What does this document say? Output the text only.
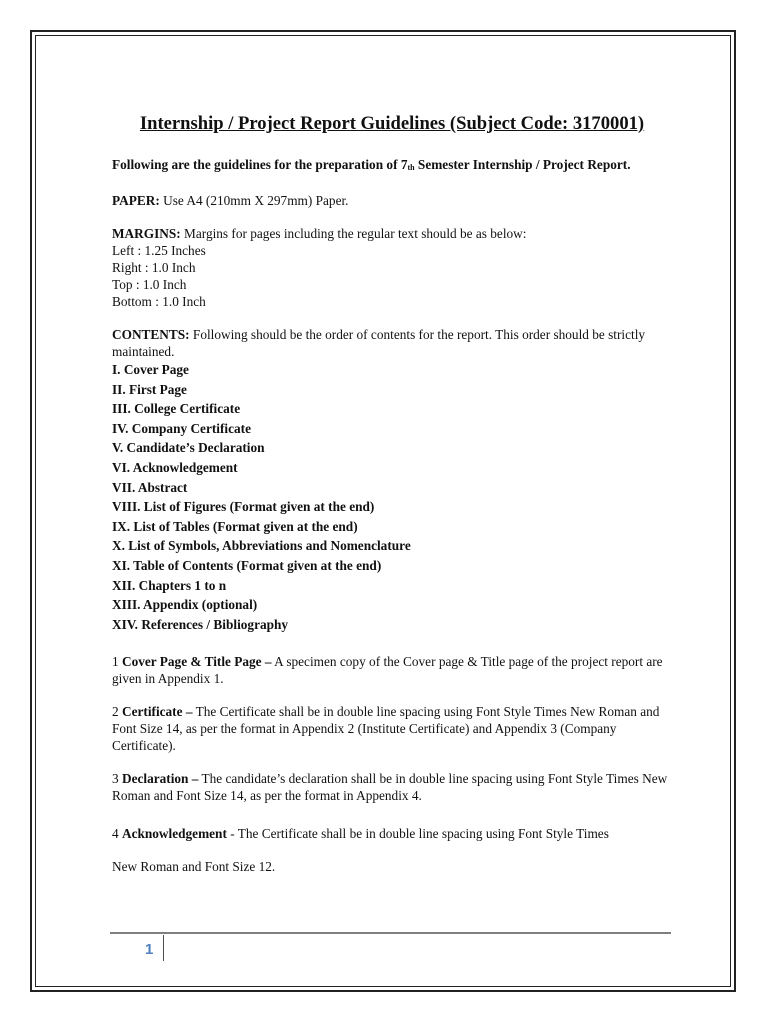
Internship / Project Report Guidelines (Subject Code: 3170001)

Following are the guidelines for the preparation of $7_{th}$ Semester Internship / Project Report.

PAPER: Use A4 (210mm X 297mm) Paper.

MARGINS: Margins for pages including the regular text should be as below:

Left : 1.25 Inches

Right : 1.0 Inch

Top : 1.0 Inch

Bottom : 1.0 Inch

CONTENTS: Following should be the order of contents for the report. This order should be strictly maintained.

I. Cover Page
II. First Page
III. College Certificate
IV. Company Certificate
V. Candidate’s Declaration
VI. Acknowledgement
VII. Abstract
VIII. List of Figures (Format given at the end)
IX. List of Tables (Format given at the end)
X. List of Symbols, Abbreviations and Nomenclature
XI. Table of Contents (Format given at the end)
XII. Chapters 1 to n
XIII. Appendix (optional)
XIV. References / Bibliography

1 Cover Page & Title Page – A specimen copy of the Cover page & Title page of the project report are given in Appendix 1.

2 Certificate – The Certificate shall be in double line spacing using Font Style Times New Roman and Font Size 14, as per the format in Appendix 2 (Institute Certificate) and Appendix 3 (Company Certificate).

3 Declaration – The candidate’s declaration shall be in double line spacing using Font Style Times New Roman and Font Size 14, as per the format in Appendix 4.

4 Acknowledgement - The Certificate shall be in double line spacing using Font Style Times

New Roman and Font Size 12.

1
